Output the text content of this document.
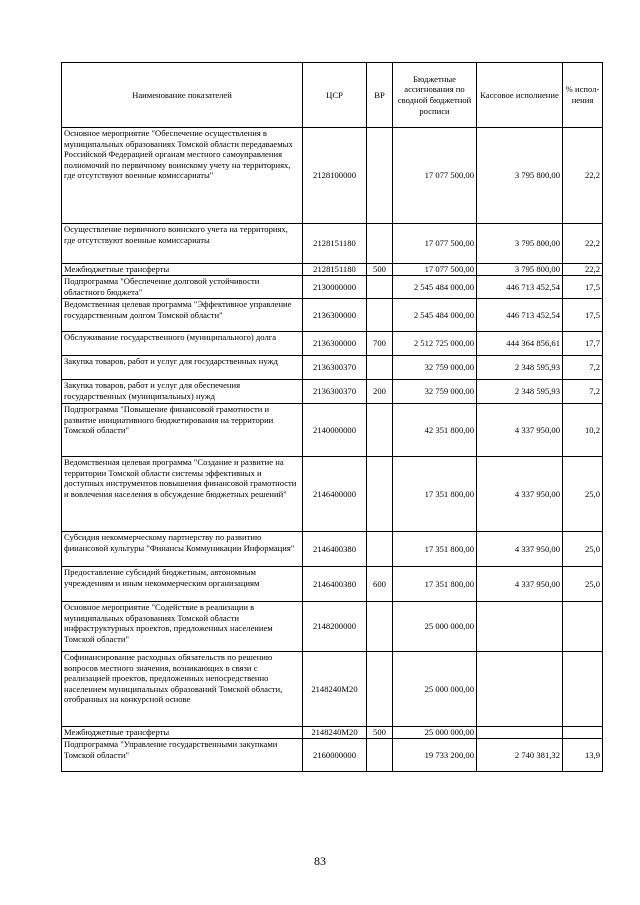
Наименование показателей	ЦСР	ВР	Бюджетные ассигнования по сводной бюджетной росписи	Кассовое исполнение	% испол-нения
Основное мероприятие "Обеспечение осуществления в муниципальных образованиях Томской области передаваемых Российской Федерацией органам местного самоуправления полномочий по первичному воинскому учету на территориях, где отсутствуют военные комиссариаты"	2128100000		17 077 500,00	3 795 800,00	22,2
Осуществление первичного воинского учета на территориях, где отсутствуют военные комиссариаты	2128151180		17 077 500,00	3 795 800,00	22,2
Межбюджетные трансферты	2128151180	500	17 077 500,00	3 795 800,00	22,2
Подпрограмма "Обеспечение долговой устойчивости областного бюджета"	2130000000		2 545 484 000,00	446 713 452,54	17,5
Ведомственная целевая программа "Эффективное управление государственным долгом Томской области"	2136300000		2 545 484 000,00	446 713 452,54	17,5
Обслуживание государственного (муниципального) долга	2136300000	700	2 512 725 000,00	444 364 856,61	17,7
Закупка товаров, работ и услуг для государственных нужд	2136300370		32 759 000,00	2 348 595,93	7,2
Закупка товаров, работ и услуг для обеспечения государственных (муниципальных) нужд	2136300370	200	32 759 000,00	2 348 595,93	7,2
Подпрограмма "Повышение финансовой грамотности и развитие инициативного бюджетирования на территории Томской области"	2140000000		42 351 800,00	4 337 950,00	10,2
Ведомственная целевая программа "Создание и развитие на территории Томской области системы эффективных и доступных инструментов повышения финансовой грамотности и вовлечения населения в обсуждение бюджетных решений"	2146400000		17 351 800,00	4 337 950,00	25,0
Субсидия некоммерческому партнерству по развитию финансовой культуры "Финансы Коммуникации Информация"	2146400380		17 351 800,00	4 337 950,00	25,0
Предоставление субсидий бюджетным, автономным учреждениям и иным некоммерческим организациям	2146400380	600	17 351 800,00	4 337 950,00	25,0
Основное мероприятие "Содействие в реализации в муниципальных образованиях Томской области инфраструктурных проектов, предложенных населением Томской области"	2148200000		25 000 000,00		
Софинансирование расходных обязательств по решению вопросов местного значения, возникающих в связи с реализацией проектов, предложенных непосредственно населением муниципальных образований Томской области, отобранных на конкурсной основе	2148240M20		25 000 000,00		
Межбюджетные трансферты	2148240M20	500	25 000 000,00		
Подпрограмма "Управление государственными закупками Томской области"	2160000000		19 733 200,00	2 740 381,32	13,9
83
